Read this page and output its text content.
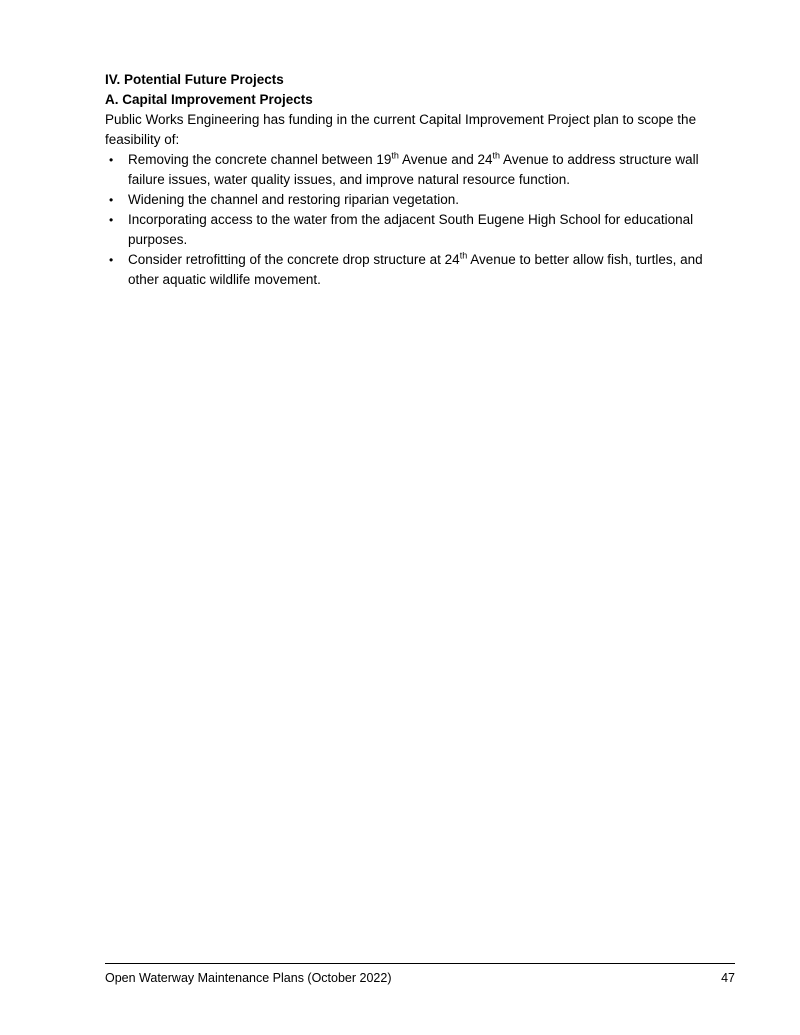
IV. Potential Future Projects

A. Capital Improvement Projects

Public Works Engineering has funding in the current Capital Improvement Project plan to scope the feasibility of:

•	Removing the concrete channel between 19th Avenue and 24th Avenue to address structure wall failure issues, water quality issues, and improve natural resource function.
•	Widening the channel and restoring riparian vegetation.
•	Incorporating access to the water from the adjacent South Eugene High School for educational purposes.
•	Consider retrofitting of the concrete drop structure at 24th Avenue to better allow fish, turtles, and other aquatic wildlife movement.
Open Waterway Maintenance Plans (October 2022)	47
